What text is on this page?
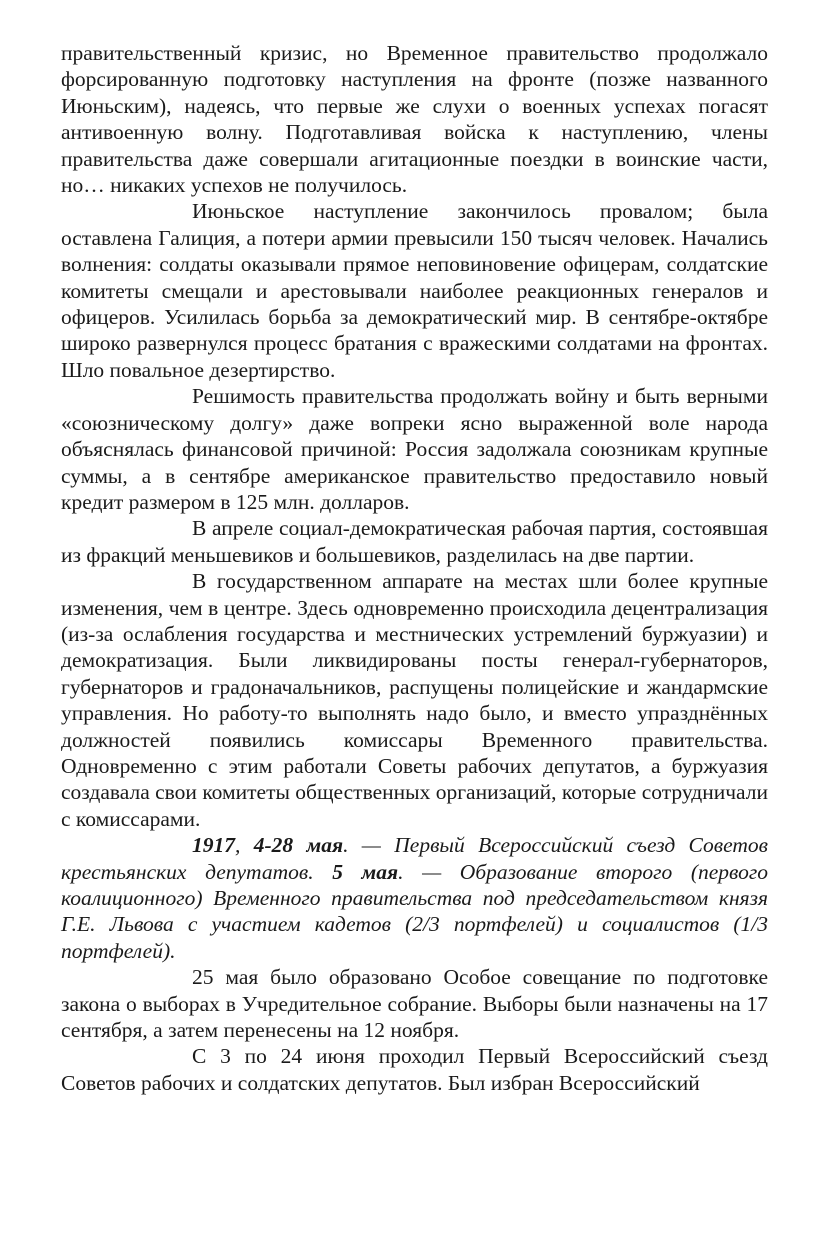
правительственный кризис, но Временное правительство продолжало форсированную подготовку наступления на фронте (позже названного Июньским), надеясь, что первые же слухи о военных успехах погасят антивоенную волну. Подготавливая войска к наступлению, члены правительства даже совершали агитационные поездки в воинские части, но… никаких успехов не получилось.

Июньское наступление закончилось провалом; была оставлена Галиция, а потери армии превысили 150 тысяч человек. Начались волнения: солдаты оказывали прямое неповиновение офицерам, солдатские комитеты смещали и арестовывали наиболее реакционных генералов и офицеров. Усилилась борьба за демократический мир. В сентябре-октябре широко развернулся процесс братания с вражескими солдатами на фронтах. Шло повальное дезертирство.

Решимость правительства продолжать войну и быть верными «союзническому долгу» даже вопреки ясно выраженной воле народа объяснялась финансовой причиной: Россия задолжала союзникам крупные суммы, а в сентябре американское правительство предоставило новый кредит размером в 125 млн. долларов.

В апреле социал-демократическая рабочая партия, состоявшая из фракций меньшевиков и большевиков, разделилась на две партии.

В государственном аппарате на местах шли более крупные изменения, чем в центре. Здесь одновременно происходила децентрализация (из-за ослабления государства и местнических устремлений буржуазии) и демократизация. Были ликвидированы посты генерал-губернаторов, губернаторов и градоначальников, распущены полицейские и жандармские управления. Но работу-то выполнять надо было, и вместо упразднённых должностей появились комиссары Временного правительства. Одновременно с этим работали Советы рабочих депутатов, а буржуазия создавала свои комитеты общественных организаций, которые сотрудничали с комиссарами.

1917, 4-28 мая. — Первый Всероссийский съезд Советов крестьянских депутатов. 5 мая. — Образование второго (первого коалиционного) Временного правительства под председательством князя Г.Е. Львова с участием кадетов (2/3 портфелей) и социалистов (1/3 портфелей).

25 мая было образовано Особое совещание по подготовке закона о выборах в Учредительное собрание. Выборы были назначены на 17 сентября, а затем перенесены на 12 ноября.

С 3 по 24 июня проходил Первый Всероссийский съезд Советов рабочих и солдатских депутатов. Был избран Всероссийский
